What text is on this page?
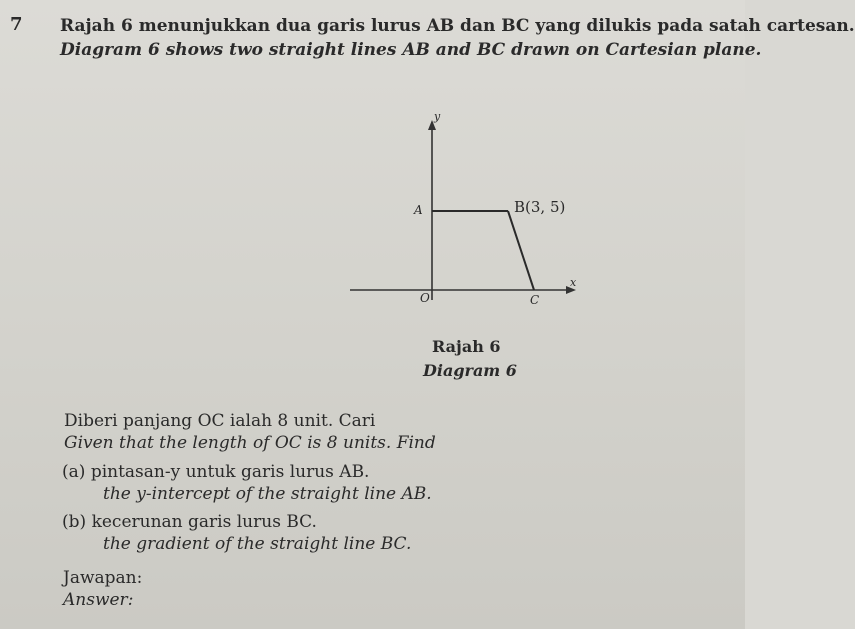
7 Rajah 6 menunjukkan dua garis lurus AB dan BC yang dilukis pada satah cartesan.
Diagram 6 shows two straight lines AB and BC drawn on Cartesian plane.
y
x
O
A	B(3, 5)
C
Rajah 6
Diagram 6
Diberi panjang OC ialah 8 unit. Cari
Given that the length of OC is 8 units. Find
(a) pintasan-y untuk garis lurus AB.
the y-intercept of the straight line AB.
(b) kecerunan garis lurus BC.
the gradient of the straight line BC.
Jawapan:
Answer:
